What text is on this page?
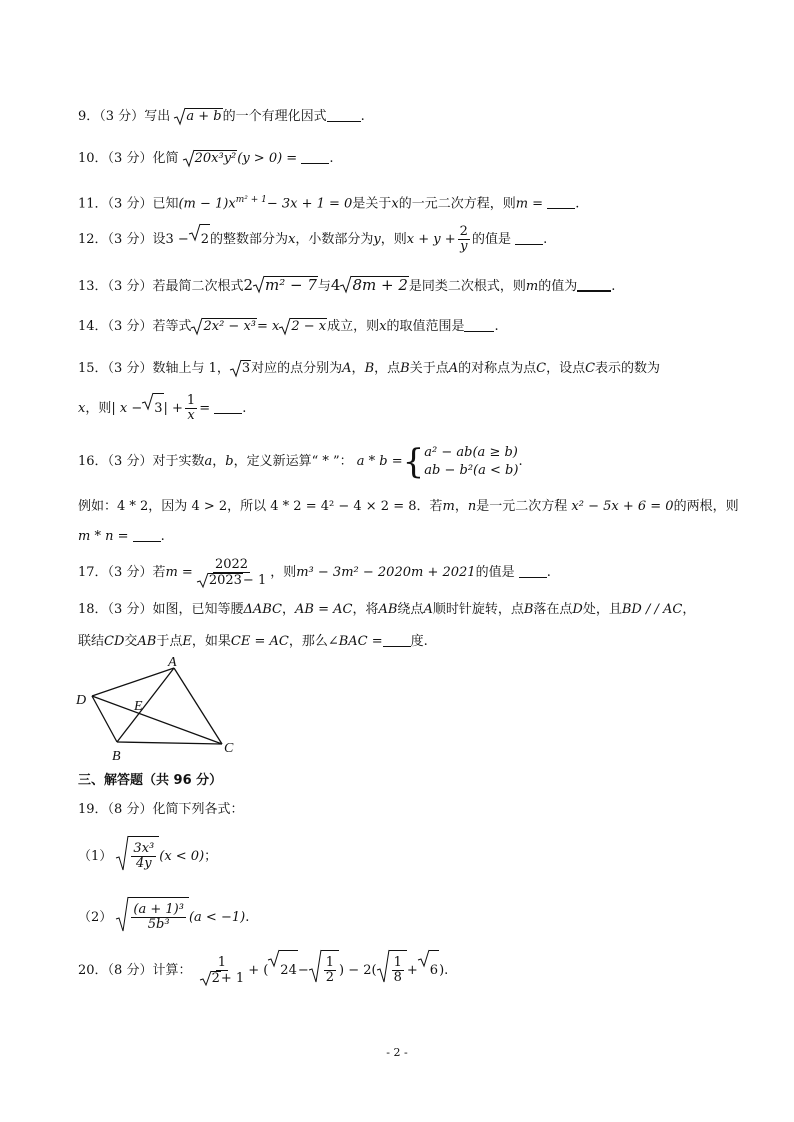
9．（3 分）写出 a + b的一个有理化因式	.
10．（3 分）化简 20x³y²(y > 0) = .
11．（3 分）已知$(m - 1)x^{m^2 + 1}- 3x + 1 = 0$是关于x的一元二次方程，则m = .
12．（3 分）设3 − 2的整数部分为x，小数部分为y，则$x + y + \frac{2}{y}$ 的值是 .
13．（3 分）若最简二次根式2 m² − 7与4 8m + 2是同类二次根式，则m的值为	.
14．（3 分）若等式 2x² − x³= x 2 − x成立，则x的取值范围是 .
15．（3 分）数轴上与 1， 3对应的点分别为A，B，点B关于点A的对称点为点C，设点C表示的数为
x，则| $x - 3| + \frac{1}{x}$ = .
16．（3 分）对于实数a，b，定义新运算“ * ”： a * b ={ a² − ab(a ≥ b)
ab − b²(a < b)
.
例如：4 * 2，因为 4 > 2，所以 4 * 2 = 4² − 4 × 2 = 8．若m，n是一元二次方程 x² − 5x + 6 = 0的两根，则
m * n = .
17．（3 分）若$m = \frac{2022}{2023- 1}$ ，则m³ − 3m² − 2020m + 2021的值是 .
18．（3 分）如图，已知等腰ΔABC，AB = AC，将AB绕点A顺时针旋转，点B落在点D处，且BD / / AC，
联结CD交AB于点E，如果CE = AC，那么∠BAC = 度.
A
B
C
D	E
三、解答题（共 96 分）
19．（8 分）化简下列各式：
$(1) \frac{\text{3x³}}{4y} (x < 0)$；
$(2) \frac{\text{(a + 1)³}}{\text{5b³}} (a < -1)$.
20．（8 分）计算： $\frac{1}{2+ 1}$ + ( $24- \frac{1}{2}$ ) − $2( \frac{1}{8} + 6)$.
- 2 -
